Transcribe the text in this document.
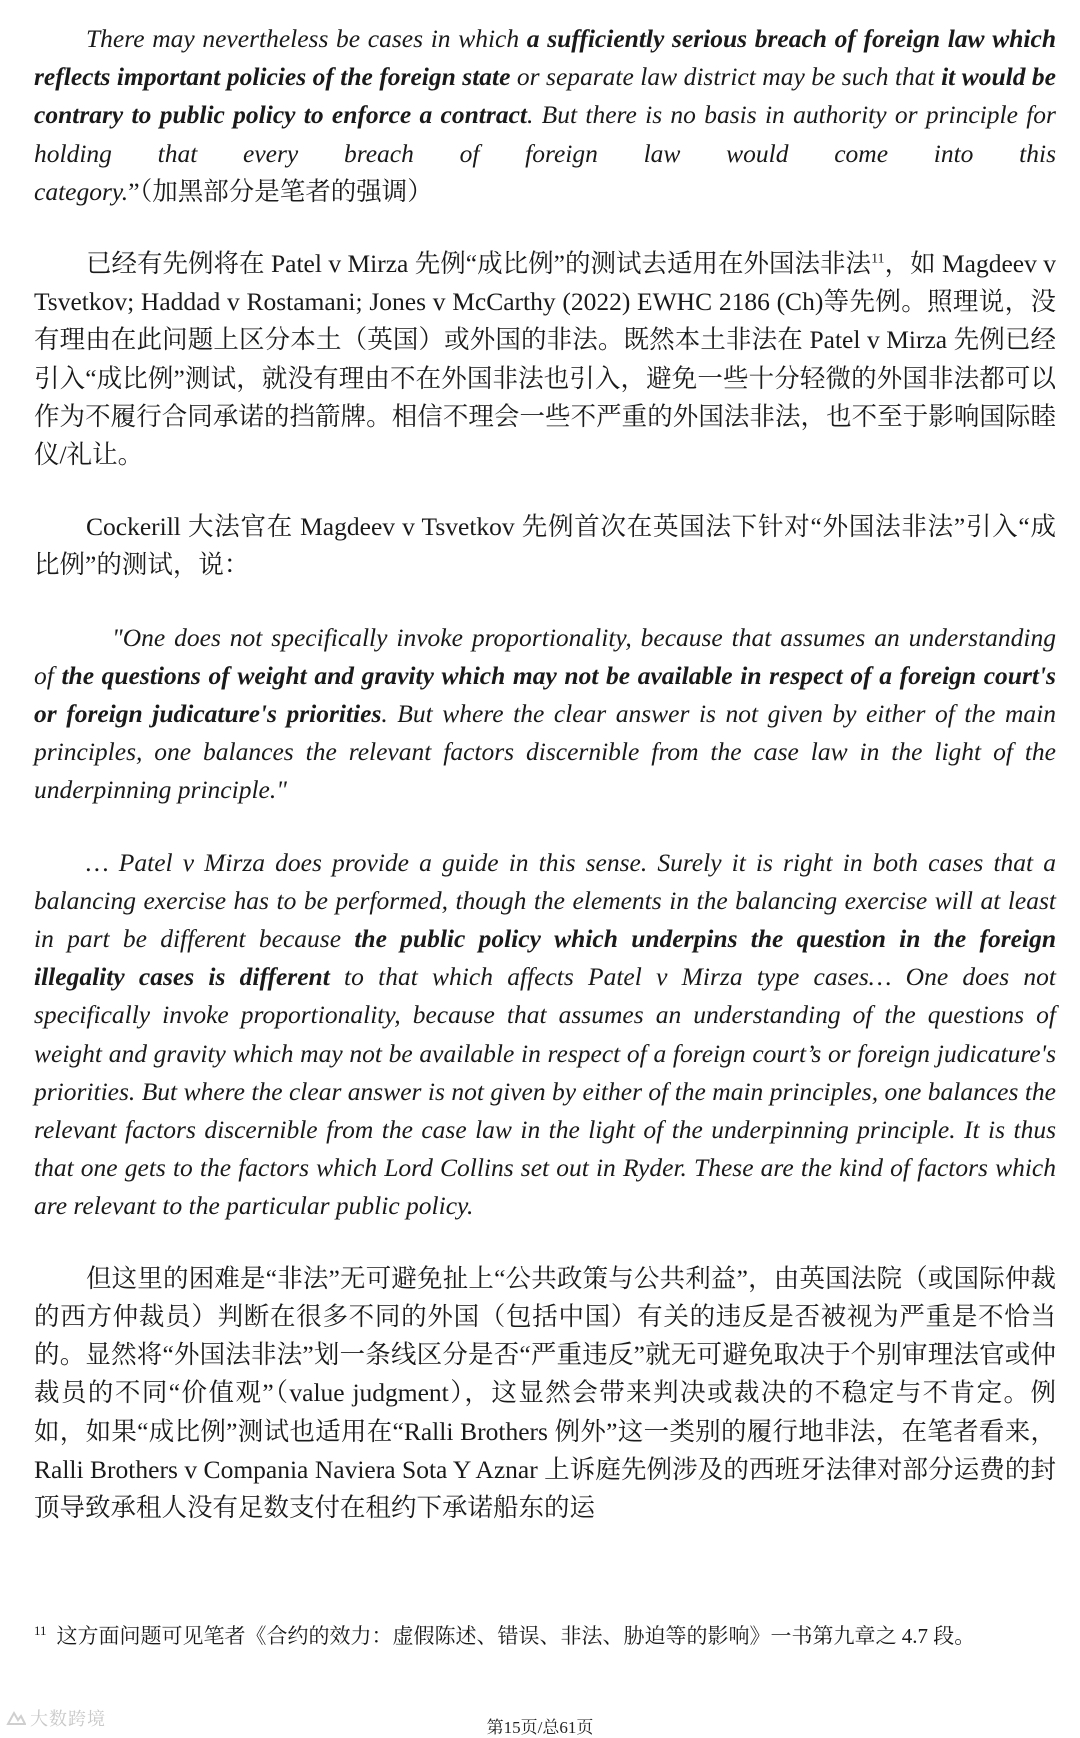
There may nevertheless be cases in which a sufficiently serious breach of foreign law which reflects important policies of the foreign state or separate law district may be such that it would be contrary to public policy to enforce a contract. But there is no basis in authority or principle for holding that every breach of foreign law would come into this category.”（加黑部分是笔者的强调）

已经有先例将在 Patel v Mirza 先例“成比例”的测试去适用在外国法非法$^{11}$，如 Magdeev v Tsvetkov; Haddad v Rostamani; Jones v McCarthy (2022) EWHC 2186 (Ch)等先例。照理说，没有理由在此问题上区分本土（英国）或外国的非法。既然本土非法在 Patel v Mirza 先例已经引入“成比例”测试，就没有理由不在外国非法也引入，避免一些十分轻微的外国非法都可以作为不履行合同承诺的挡箭牌。相信不理会一些不严重的外国法非法，也不至于影响国际睦仪/礼让。

Cockerill 大法官在 Magdeev v Tsvetkov 先例首次在英国法下针对“外国法非法”引入“成比例”的测试，说：

"One does not specifically invoke proportionality, because that assumes an understanding of the questions of weight and gravity which may not be available in respect of a foreign court's or foreign judicature's priorities. But where the clear answer is not given by either of the main principles, one balances the relevant factors discernible from the case law in the light of the underpinning principle."

… Patel v Mirza does provide a guide in this sense. Surely it is right in both cases that a balancing exercise has to be performed, though the elements in the balancing exercise will at least in part be different because the public policy which underpins the question in the foreign illegality cases is different to that which affects Patel v Mirza type cases… One does not specifically invoke proportionality, because that assumes an understanding of the questions of weight and gravity which may not be available in respect of a foreign court’s or foreign judicature's priorities. But where the clear answer is not given by either of the main principles, one balances the relevant factors discernible from the case law in the light of the underpinning principle. It is thus that one gets to the factors which Lord Collins set out in Ryder. These are the kind of factors which are relevant to the particular public policy.

但这里的困难是“非法”无可避免扯上“公共政策与公共利益”，由英国法院（或国际仲裁的西方仲裁员）判断在很多不同的外国（包括中国）有关的违反是否被视为严重是不恰当的。显然将“外国法非法”划一条线区分是否“严重违反”就无可避免取决于个别审理法官或仲裁员的不同“价值观”（value judgment），这显然会带来判决或裁决的不稳定与不肯定。例如，如果“成比例”测试也适用在“Ralli Brothers 例外”这一类别的履行地非法，在笔者看来，Ralli Brothers v Compania Naviera Sota Y Aznar 上诉庭先例涉及的西班牙法律对部分运费的封顶导致承租人没有足数支付在租约下承诺船东的运

$^{11}$ 这方面问题可见笔者《合约的效力：虚假陈述、错误、非法、胁迫等的影响》一书第九章之 4.7 段。
大数跨境	第15页/总61页
